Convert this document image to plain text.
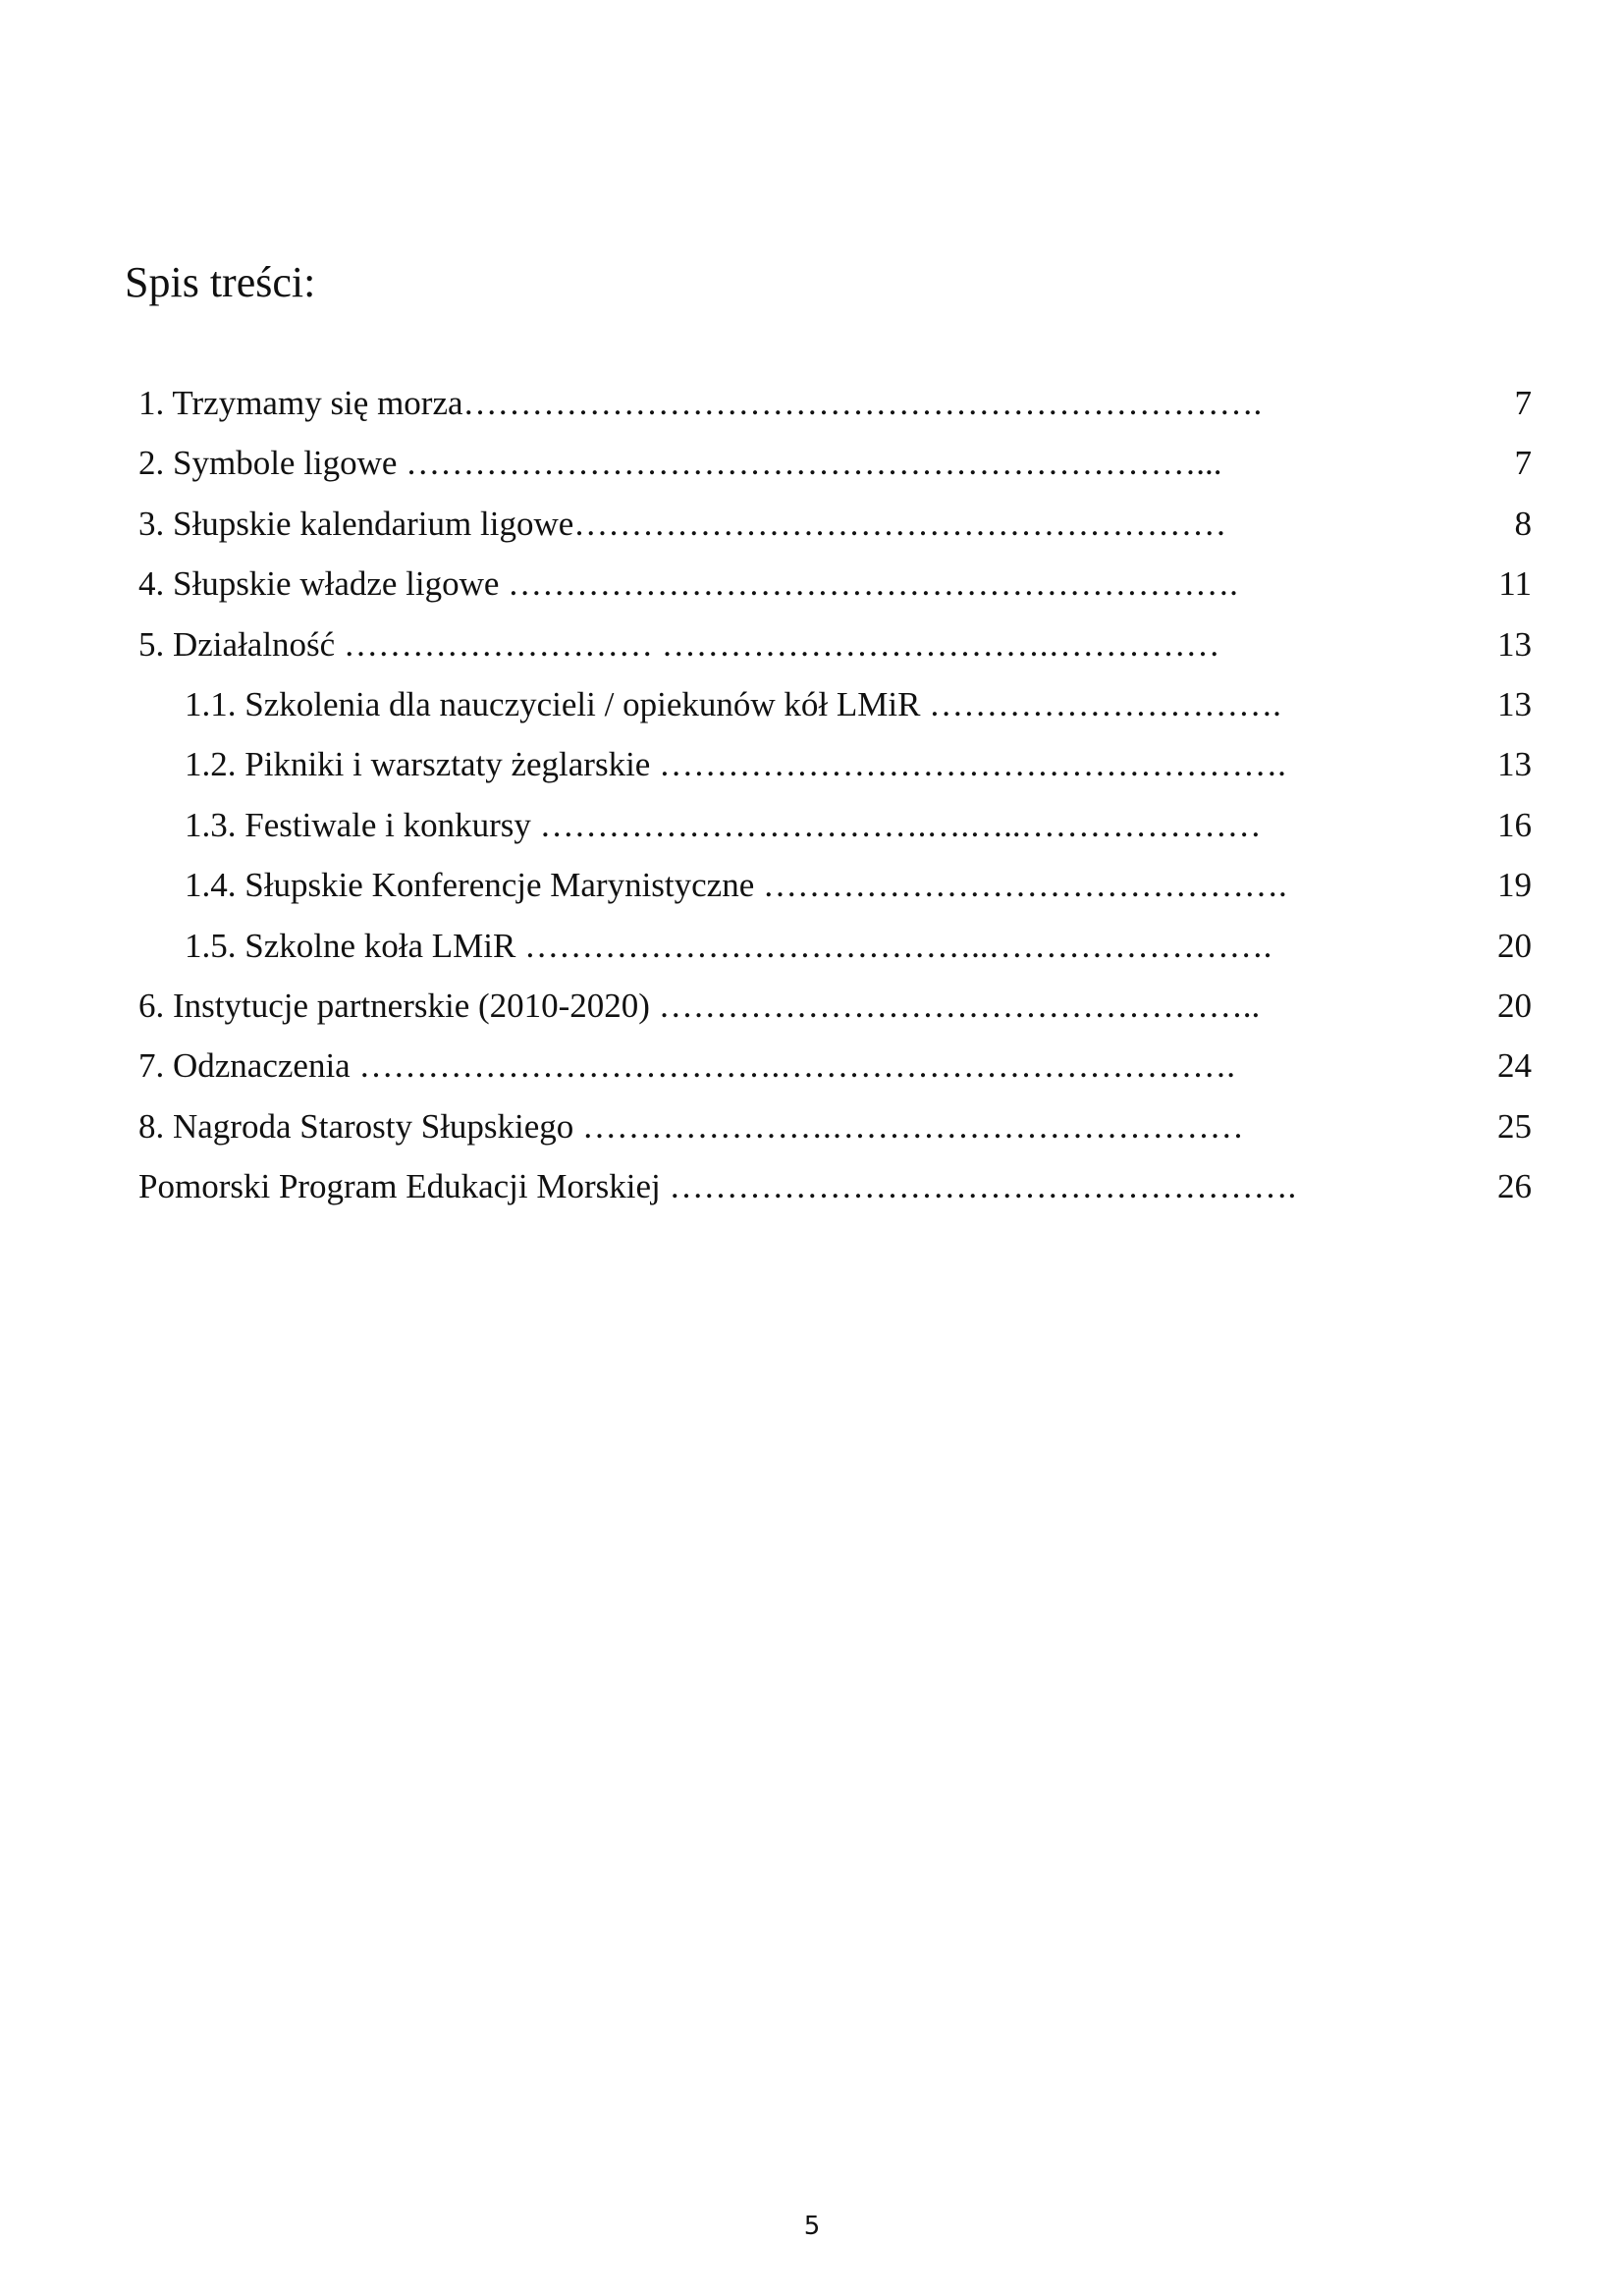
Spis treści:
1. Trzymamy się morza…………………………………………………………….	7
2. Symbole ligowe ……………………………………………………………...	7
3. Słupskie kalendarium ligowe…………………………………………………	8
4. Słupskie władze ligowe ……………………………………………………….	11
5. Działalność ……………………… …………………………….……………	13
1.1. Szkolenia dla nauczycieli / opiekunów kół LMiR ………………………….	13
1.2. Pikniki i warsztaty żeglarskie ……………………………………………….	13
1.3. Festiwale i konkursy …………………………….….…..…………………	16
1.4. Słupskie Konferencje Marynistyczne ……………………………………….	19
1.5. Szkolne koła LMiR …………………………………..…………………….	20
6. Instytucje partnerskie (2010-2020) ……………………………………………..	20
7. Odznaczenia ……………………………….………………………………….	24
8. Nagroda Starosty Słupskiego ………………….………………………………	25
Pomorski Program Edukacji Morskiej ……………………………………………….	26
5
